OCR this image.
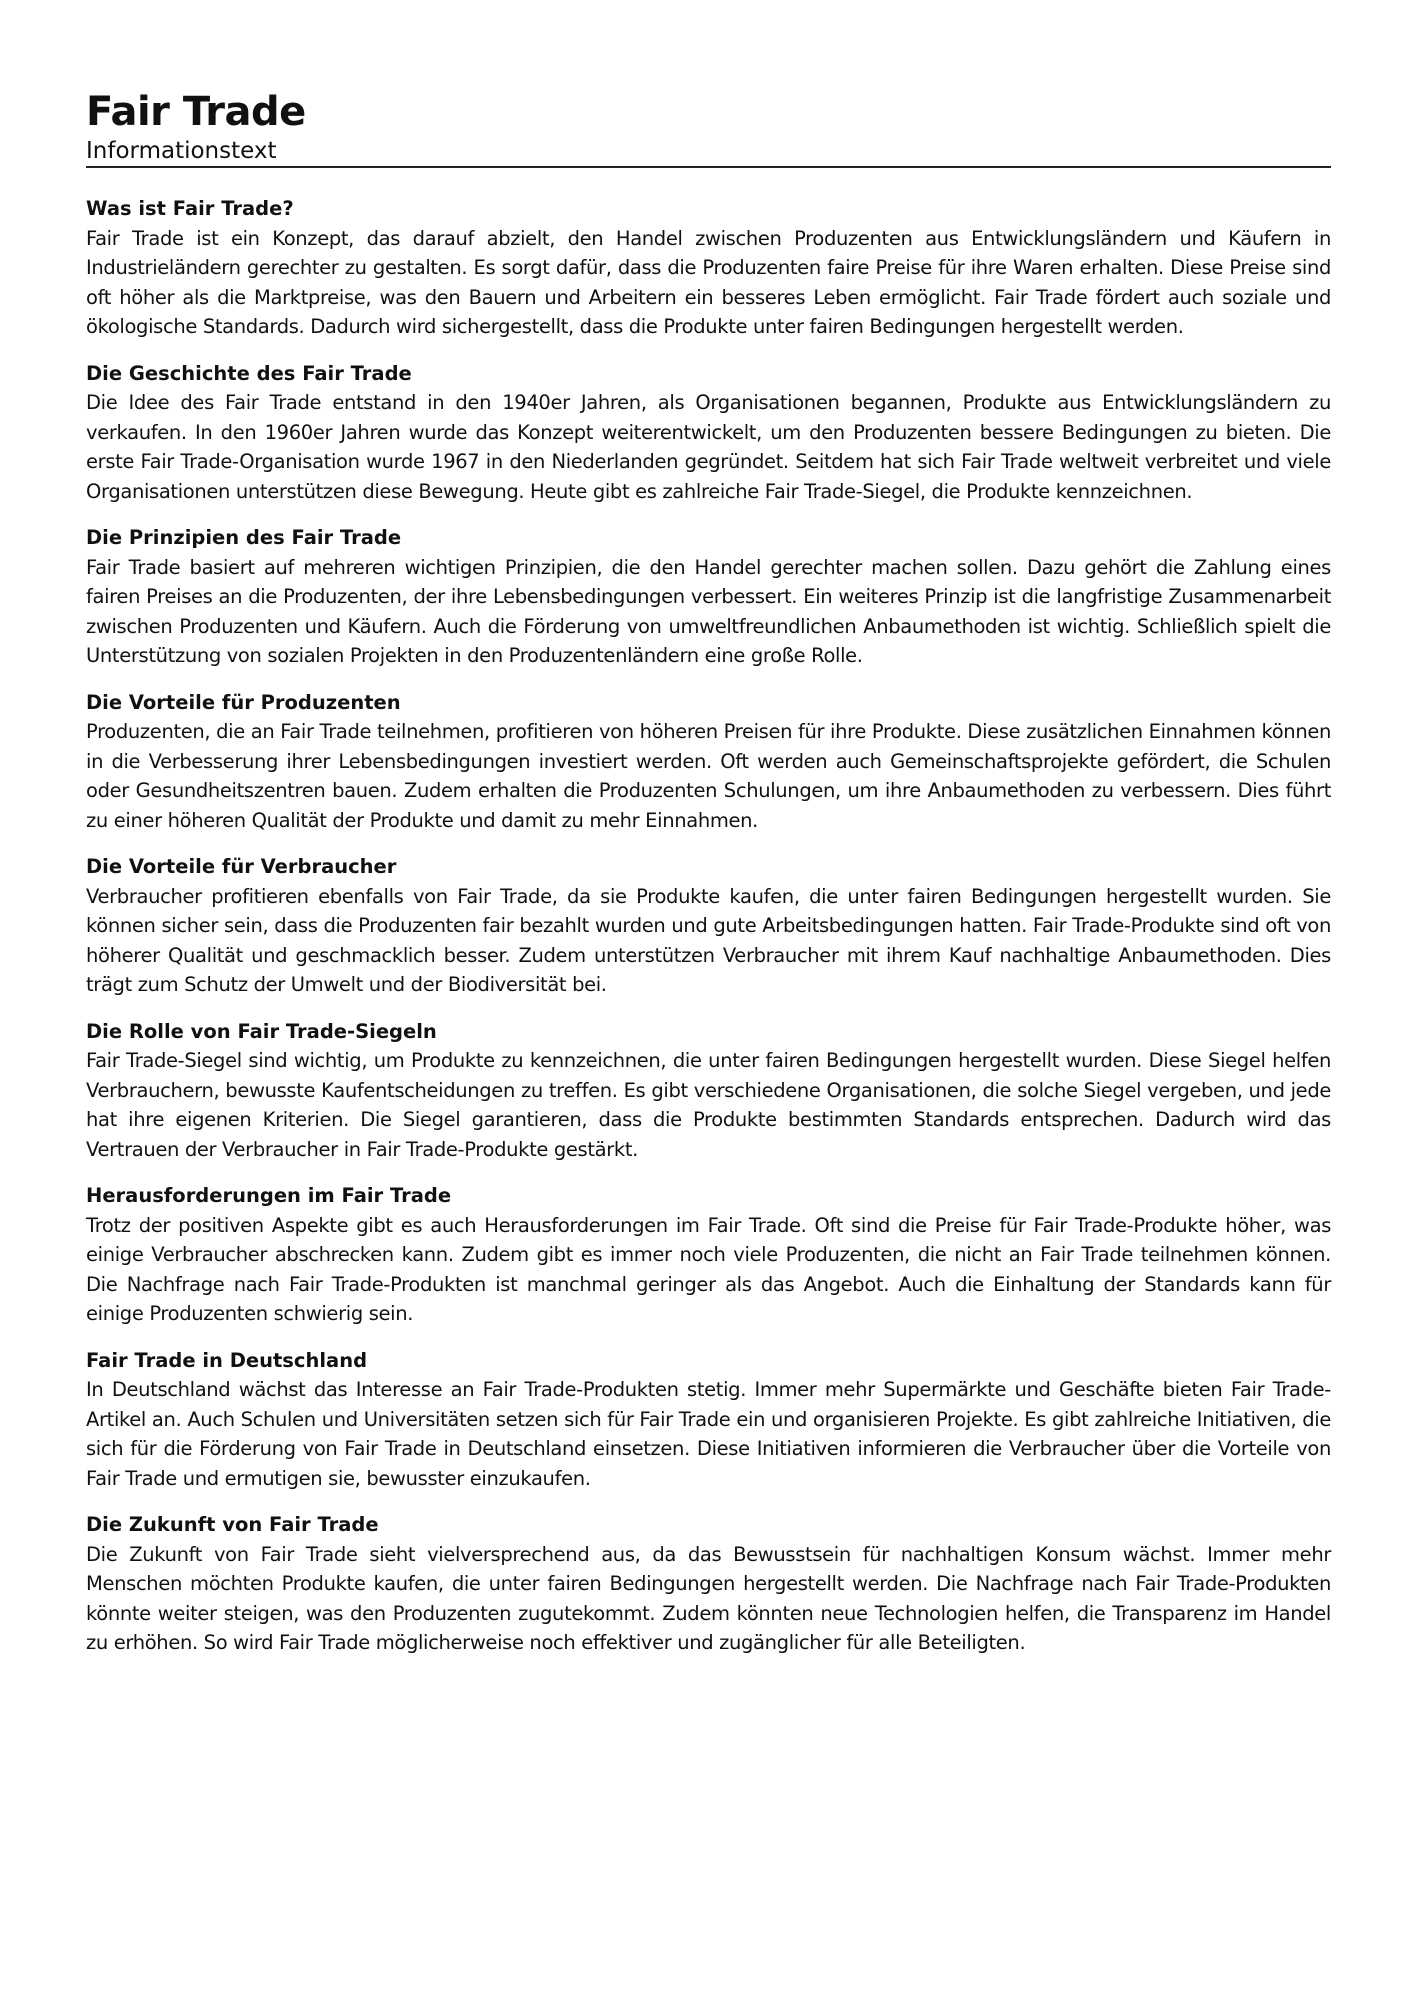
Fair Trade
Informationstext
Was ist Fair Trade?

Fair Trade ist ein Konzept, das darauf abzielt, den Handel zwischen Produzenten aus Entwicklungsländern und Käufern in Industrieländern gerechter zu gestalten. Es sorgt dafür, dass die Produzenten faire Preise für ihre Waren erhalten. Diese Preise sind oft höher als die Marktpreise, was den Bauern und Arbeitern ein besseres Leben ermöglicht. Fair Trade fördert auch soziale und ökologische Standards. Dadurch wird sichergestellt, dass die Produkte unter fairen Bedingungen hergestellt werden.

Die Geschichte des Fair Trade

Die Idee des Fair Trade entstand in den 1940er Jahren, als Organisationen begannen, Produkte aus Entwicklungsländern zu verkaufen. In den 1960er Jahren wurde das Konzept weiterentwickelt, um den Produzenten bessere Bedingungen zu bieten. Die erste Fair Trade-Organisation wurde 1967 in den Niederlanden gegründet. Seitdem hat sich Fair Trade weltweit verbreitet und viele Organisationen unterstützen diese Bewegung. Heute gibt es zahlreiche Fair Trade-Siegel, die Produkte kennzeichnen.

Die Prinzipien des Fair Trade

Fair Trade basiert auf mehreren wichtigen Prinzipien, die den Handel gerechter machen sollen. Dazu gehört die Zahlung eines fairen Preises an die Produzenten, der ihre Lebensbedingungen verbessert. Ein weiteres Prinzip ist die langfristige Zusammenarbeit zwischen Produzenten und Käufern. Auch die Förderung von umweltfreundlichen Anbaumethoden ist wichtig. Schließlich spielt die Unterstützung von sozialen Projekten in den Produzentenländern eine große Rolle.

Die Vorteile für Produzenten

Produzenten, die an Fair Trade teilnehmen, profitieren von höheren Preisen für ihre Produkte. Diese zusätzlichen Einnahmen können in die Verbesserung ihrer Lebensbedingungen investiert werden. Oft werden auch Gemeinschaftsprojekte gefördert, die Schulen oder Gesundheitszentren bauen. Zudem erhalten die Produzenten Schulungen, um ihre Anbaumethoden zu verbessern. Dies führt zu einer höheren Qualität der Produkte und damit zu mehr Einnahmen.

Die Vorteile für Verbraucher

Verbraucher profitieren ebenfalls von Fair Trade, da sie Produkte kaufen, die unter fairen Bedingungen hergestellt wurden. Sie können sicher sein, dass die Produzenten fair bezahlt wurden und gute Arbeitsbedingungen hatten. Fair Trade-Produkte sind oft von höherer Qualität und geschmacklich besser. Zudem unterstützen Verbraucher mit ihrem Kauf nachhaltige Anbaumethoden. Dies trägt zum Schutz der Umwelt und der Biodiversität bei.

Die Rolle von Fair Trade-Siegeln

Fair Trade-Siegel sind wichtig, um Produkte zu kennzeichnen, die unter fairen Bedingungen hergestellt wurden. Diese Siegel helfen Verbrauchern, bewusste Kaufentscheidungen zu treffen. Es gibt verschiedene Organisationen, die solche Siegel vergeben, und jede hat ihre eigenen Kriterien. Die Siegel garantieren, dass die Produkte bestimmten Standards entsprechen. Dadurch wird das Vertrauen der Verbraucher in Fair Trade-Produkte gestärkt.

Herausforderungen im Fair Trade

Trotz der positiven Aspekte gibt es auch Herausforderungen im Fair Trade. Oft sind die Preise für Fair Trade-Produkte höher, was einige Verbraucher abschrecken kann. Zudem gibt es immer noch viele Produzenten, die nicht an Fair Trade teilnehmen können. Die Nachfrage nach Fair Trade-Produkten ist manchmal geringer als das Angebot. Auch die Einhaltung der Standards kann für einige Produzenten schwierig sein.

Fair Trade in Deutschland

In Deutschland wächst das Interesse an Fair Trade-Produkten stetig. Immer mehr Supermärkte und Geschäfte bieten Fair Trade-Artikel an. Auch Schulen und Universitäten setzen sich für Fair Trade ein und organisieren Projekte. Es gibt zahlreiche Initiativen, die sich für die Förderung von Fair Trade in Deutschland einsetzen. Diese Initiativen informieren die Verbraucher über die Vorteile von Fair Trade und ermutigen sie, bewusster einzukaufen.

Die Zukunft von Fair Trade

Die Zukunft von Fair Trade sieht vielversprechend aus, da das Bewusstsein für nachhaltigen Konsum wächst. Immer mehr Menschen möchten Produkte kaufen, die unter fairen Bedingungen hergestellt werden. Die Nachfrage nach Fair Trade-Produkten könnte weiter steigen, was den Produzenten zugutekommt. Zudem könnten neue Technologien helfen, die Transparenz im Handel zu erhöhen. So wird Fair Trade möglicherweise noch effektiver und zugänglicher für alle Beteiligten.
